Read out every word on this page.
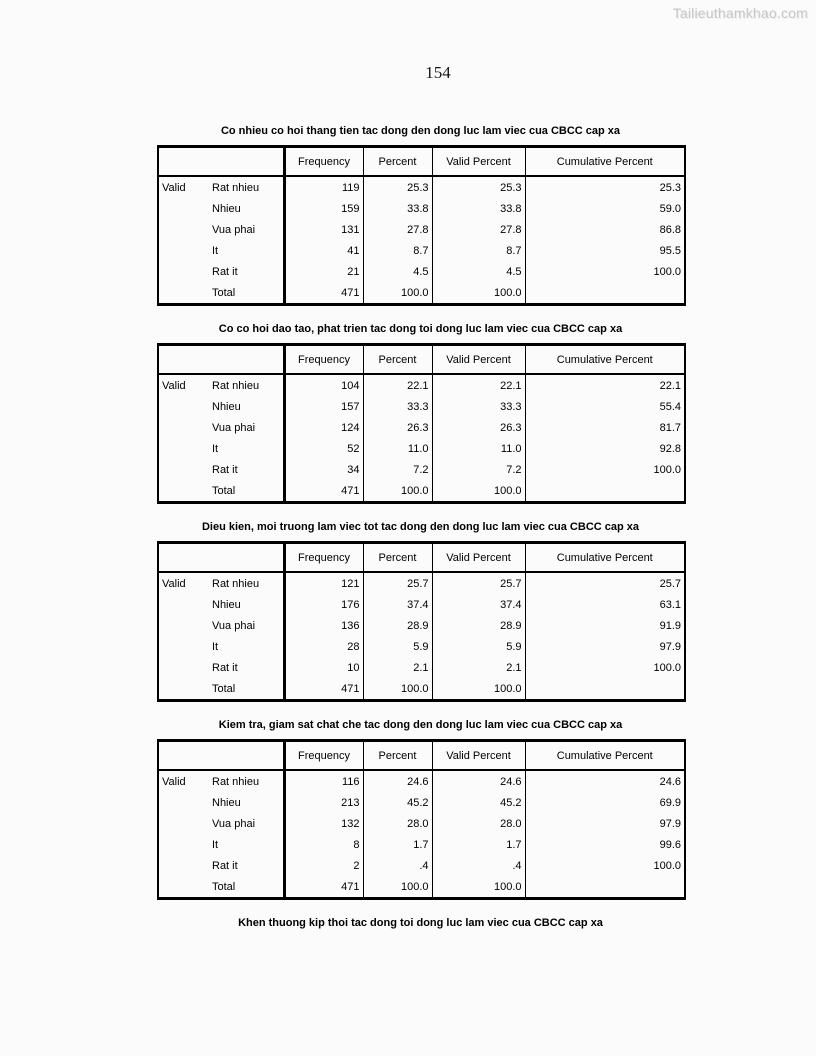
Tailieuthamkhao.com
154
Co nhieu co hoi thang tien tac dong den dong luc lam viec cua CBCC cap xa
		Frequency	Percent	Valid Percent	Cumulative Percent
Valid	Rat nhieu	119	25.3	25.3	25.3
	Nhieu	159	33.8	33.8	59.0
	Vua phai	131	27.8	27.8	86.8
	It	41	8.7	8.7	95.5
	Rat it	21	4.5	4.5	100.0
	Total	471	100.0	100.0	
Co co hoi dao tao, phat trien tac dong toi dong luc lam viec cua CBCC cap xa
		Frequency	Percent	Valid Percent	Cumulative Percent
Valid	Rat nhieu	104	22.1	22.1	22.1
	Nhieu	157	33.3	33.3	55.4
	Vua phai	124	26.3	26.3	81.7
	It	52	11.0	11.0	92.8
	Rat it	34	7.2	7.2	100.0
	Total	471	100.0	100.0	
Dieu kien, moi truong lam viec tot tac dong den dong luc lam viec cua CBCC cap xa
		Frequency	Percent	Valid Percent	Cumulative Percent
Valid	Rat nhieu	121	25.7	25.7	25.7
	Nhieu	176	37.4	37.4	63.1
	Vua phai	136	28.9	28.9	91.9
	It	28	5.9	5.9	97.9
	Rat it	10	2.1	2.1	100.0
	Total	471	100.0	100.0	
Kiem tra, giam sat chat che tac dong den dong luc lam viec cua CBCC cap xa
		Frequency	Percent	Valid Percent	Cumulative Percent
Valid	Rat nhieu	116	24.6	24.6	24.6
	Nhieu	213	45.2	45.2	69.9
	Vua phai	132	28.0	28.0	97.9
	It	8	1.7	1.7	99.6
	Rat it	2	.4	.4	100.0
	Total	471	100.0	100.0	
Khen thuong kip thoi tac dong toi dong luc lam viec cua CBCC cap xa
